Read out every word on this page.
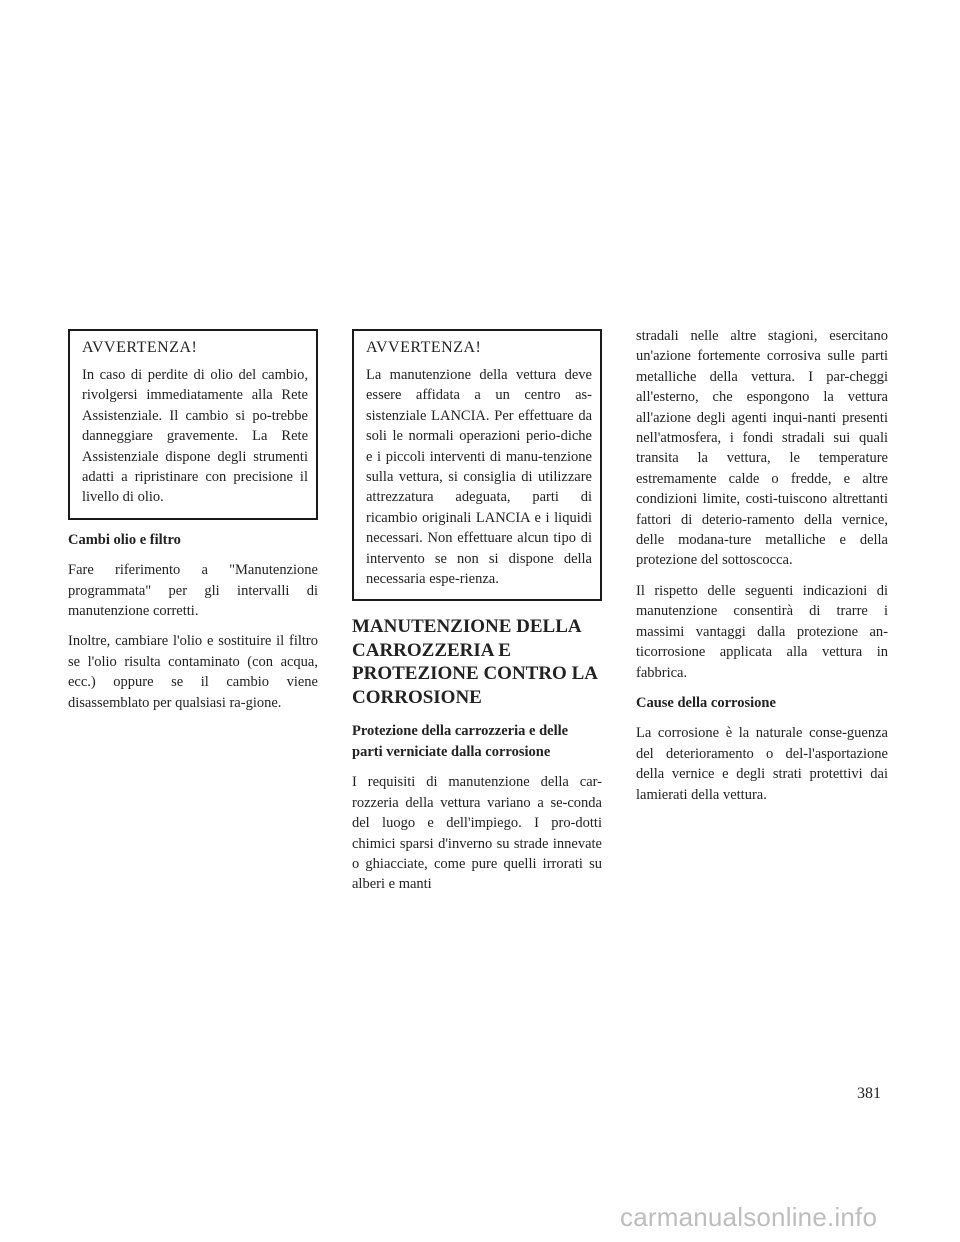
AVVERTENZA!

In caso di perdite di olio del cambio, rivolgersi immediatamente alla Rete Assistenziale. Il cambio si po-trebbe danneggiare gravemente. La Rete Assistenziale dispone degli strumenti adatti a ripristinare con precisione il livello di olio.

Cambi olio e filtro

Fare riferimento a "Manutenzione programmata" per gli intervalli di manutenzione corretti.

Inoltre, cambiare l'olio e sostituire il filtro se l'olio risulta contaminato (con acqua, ecc.) oppure se il cambio viene disassemblato per qualsiasi ra-gione.

AVVERTENZA!

La manutenzione della vettura deve essere affidata a un centro as-sistenziale LANCIA. Per effettuare da soli le normali operazioni perio-diche e i piccoli interventi di manu-tenzione sulla vettura, si consiglia di utilizzare attrezzatura adeguata, parti di ricambio originali LANCIA e i liquidi necessari. Non effettuare alcun tipo di intervento se non si dispone della necessaria espe-rienza.

MANUTENZIONE DELLA CARROZZERIA E PROTEZIONE CONTRO LA CORROSIONE
Protezione della carrozzeria e delle parti verniciate dalla corrosione

I requisiti di manutenzione della car-rozzeria della vettura variano a se-conda del luogo e dell'impiego. I pro-dotti chimici sparsi d'inverno su strade innevate o ghiacciate, come pure quelli irrorati su alberi e manti

stradali nelle altre stagioni, esercitano un'azione fortemente corrosiva sulle parti metalliche della vettura. I par-cheggi all'esterno, che espongono la vettura all'azione degli agenti inqui-nanti presenti nell'atmosfera, i fondi stradali sui quali transita la vettura, le temperature estremamente calde o fredde, e altre condizioni limite, costi-tuiscono altrettanti fattori di deterio-ramento della vernice, delle modana-ture metalliche e della protezione del sottoscocca.

Il rispetto delle seguenti indicazioni di manutenzione consentirà di trarre i massimi vantaggi dalla protezione an-ticorrosione applicata alla vettura in fabbrica.

Cause della corrosione

La corrosione è la naturale conse-guenza del deterioramento o del-l'asportazione della vernice e degli strati protettivi dai lamierati della vettura.

381
carmanualsonline.info
